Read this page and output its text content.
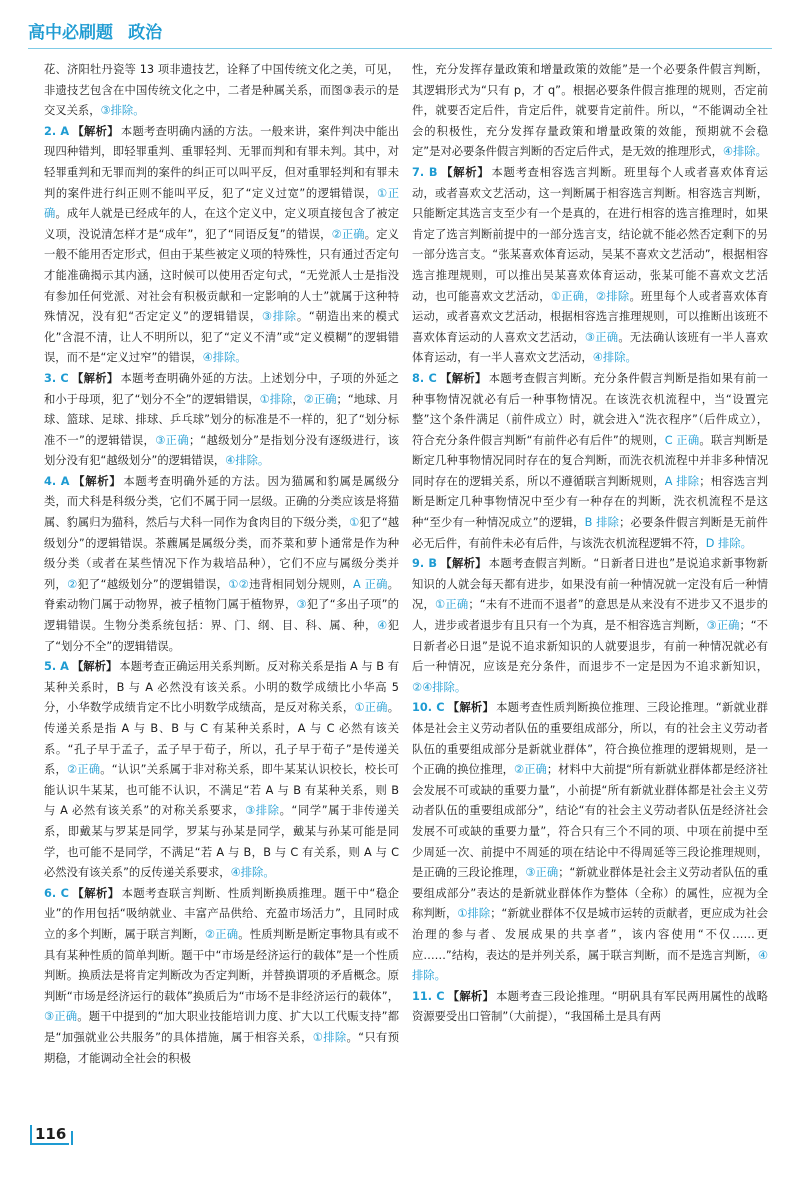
高中必刷题 政治

花、济阳牡丹瓷等 13 项非遗技艺，诠释了中国传统文化之美，可见，非遗技艺包含在中国传统文化之中，二者是种属关系，而图③表示的是交叉关系，③排除。

2. A 【解析】 本题考查明确内涵的方法。一般来讲，案件判决中能出现四种错判，即轻罪重判、重罪轻判、无罪而判和有罪未判。其中，对轻罪重判和无罪而判的案件的纠正可以叫平反，但对重罪轻判和有罪未判的案件进行纠正则不能叫平反，犯了“定义过宽”的逻辑错误，①正确。成年人就是已经成年的人，在这个定义中，定义项直接包含了被定义项，没说清怎样才是“成年”，犯了“同语反复”的错误，②正确。定义一般不能用否定形式，但由于某些被定义项的特殊性，只有通过否定句才能准确揭示其内涵，这时候可以使用否定句式，“无党派人士是指没有参加任何党派、对社会有积极贡献和一定影响的人士”就属于这种特殊情况，没有犯“否定定义”的逻辑错误，③排除。“朝造出来的模式化”含混不清，让人不明所以，犯了“定义不清”或“定义模糊”的逻辑错误，而不是“定义过窄”的错误，④排除。

3. C 【解析】 本题考查明确外延的方法。上述划分中，子项的外延之和小于母项，犯了“划分不全”的逻辑错误，①排除，②正确；“地球、月球、篮球、足球、排球、乒乓球”划分的标准是不一样的，犯了“划分标准不一”的逻辑错误，③正确；“越级划分”是指划分没有逐级进行，该划分没有犯“越级划分”的逻辑错误，④排除。

4. A 【解析】 本题考查明确外延的方法。因为猫属和豹属是属级分类，而犬科是科级分类，它们不属于同一层级。正确的分类应该是将猫属、豹属归为猫科，然后与犬科一同作为食肉目的下级分类，①犯了“越级划分”的逻辑错误。茶藨属是属级分类，而芥菜和萝卜通常是作为种级分类（或者在某些情况下作为栽培品种），它们不应与属级分类并列，②犯了“越级划分”的逻辑错误，①②违背相同划分规则，A 正确。脊索动物门属于动物界，被子植物门属于植物界，③犯了“多出子项”的逻辑错误。生物分类系统包括：界、门、纲、目、科、属、种，④犯了“划分不全”的逻辑错误。

5. A 【解析】 本题考查正确运用关系判断。反对称关系是指 A 与 B 有某种关系时，B 与 A 必然没有该关系。小明的数学成绩比小华高 5 分，小华数学成绩肯定不比小明数学成绩高，是反对称关系，①正确。传递关系是指 A 与 B、B 与 C 有某种关系时，A 与 C 必然有该关系。“孔子早于孟子，孟子早于荀子，所以，孔子早于荀子”是传递关系，②正确。“认识”关系属于非对称关系，即牛某某认识校长，校长可能认识牛某某，也可能不认识，不满足“若 A 与 B 有某种关系，则 B 与 A 必然有该关系”的对称关系要求，③排除。“同学”属于非传递关系，即戴某与罗某是同学，罗某与孙某是同学，戴某与孙某可能是同学，也可能不是同学，不满足“若 A 与 B，B 与 C 有关系，则 A 与 C 必然没有该关系”的反传递关系要求，④排除。

6. C 【解析】 本题考查联言判断、性质判断换质推理。题干中“稳企业”的作用包括“吸纳就业、丰富产品供给、充盈市场活力”，且同时成立的多个判断，属于联言判断，②正确。性质判断是断定事物具有或不具有某种性质的简单判断。题干中“市场是经济运行的载体”是一个性质判断。换质法是将肯定判断改为否定判断，并替换谓项的矛盾概念。原判断“市场是经济运行的载体”换质后为“市场不是非经济运行的载体”，③正确。题干中提到的“加大职业技能培训力度、扩大以工代赈支持”都是“加强就业公共服务”的具体措施，属于相容关系，①排除。“只有预期稳，才能调动全社会的积极

性，充分发挥存量政策和增量政策的效能”是一个必要条件假言判断，其逻辑形式为“只有 p，才 q”。根据必要条件假言推理的规则，否定前件，就要否定后件，肯定后件，就要肯定前件。所以，“不能调动全社会的积极性，充分发挥存量政策和增量政策的效能，预期就不会稳定”是对必要条件假言判断的否定后件式，是无效的推理形式，④排除。

7. B 【解析】 本题考查相容选言判断。班里每个人或者喜欢体育运动，或者喜欢文艺活动，这一判断属于相容选言判断。相容选言判断，只能断定其选言支至少有一个是真的，在进行相容的选言推理时，如果肯定了选言判断前提中的一部分选言支，结论就不能必然否定剩下的另一部分选言支。“张某喜欢体育运动，吴某不喜欢文艺活动”，根据相容选言推理规则，可以推出吴某喜欢体育运动，张某可能不喜欢文艺活动，也可能喜欢文艺活动，①正确，②排除。班里每个人或者喜欢体育运动，或者喜欢文艺活动，根据相容选言推理规则，可以推断出该班不喜欢体育运动的人喜欢文艺活动，③正确。无法确认该班有一半人喜欢体育运动，有一半人喜欢文艺活动，④排除。

8. C 【解析】 本题考查假言判断。充分条件假言判断是指如果有前一种事物情况就必有后一种事物情况。在该洗衣机流程中，当“设置完整”这个条件满足（前件成立）时，就会进入“洗衣程序”（后件成立），符合充分条件假言判断“有前件必有后件”的规则，C 正确。联言判断是断定几种事物情况同时存在的复合判断，而洗衣机流程中并非多种情况同时存在的逻辑关系，所以不遵循联言判断规则，A 排除；相容选言判断是断定几种事物情况中至少有一种存在的判断，洗衣机流程不是这种“至少有一种情况成立”的逻辑，B 排除；必要条件假言判断是无前件必无后件，有前件未必有后件，与该洗衣机流程逻辑不符，D 排除。

9. B 【解析】 本题考查假言判断。“日新者日进也”是说追求新事物新知识的人就会每天都有进步，如果没有前一种情况就一定没有后一种情况，①正确；“未有不进而不退者”的意思是从来没有不进步又不退步的人，进步或者退步有且只有一个为真，是不相容选言判断，③正确；“不日新者必日退”是说不追求新知识的人就要退步，有前一种情况就必有后一种情况，应该是充分条件，而退步不一定是因为不追求新知识，②④排除。

10. C 【解析】 本题考查性质判断换位推理、三段论推理。“新就业群体是社会主义劳动者队伍的重要组成部分，所以，有的社会主义劳动者队伍的重要组成部分是新就业群体”，符合换位推理的逻辑规则，是一个正确的换位推理，②正确；材料中大前提“所有新就业群体都是经济社会发展不可或缺的重要力量”，小前提“所有新就业群体都是社会主义劳动者队伍的重要组成部分”，结论“有的社会主义劳动者队伍是经济社会发展不可或缺的重要力量”，符合只有三个不同的项、中项在前提中至少周延一次、前提中不周延的项在结论中不得周延等三段论推理规则，是正确的三段论推理，③正确；“新就业群体是社会主义劳动者队伍的重要组成部分”表达的是新就业群体作为整体（全称）的属性，应视为全称判断，①排除；“新就业群体不仅是城市运转的贡献者，更应成为社会治理的参与者、发展成果的共享者”，该内容使用“不仅……更应……”结构，表达的是并列关系，属于联言判断，而不是选言判断，④排除。

11. C 【解析】 本题考查三段论推理。“明矾具有军民两用属性的战略资源要受出口管制”（大前提），“我国稀土是具有两

116
